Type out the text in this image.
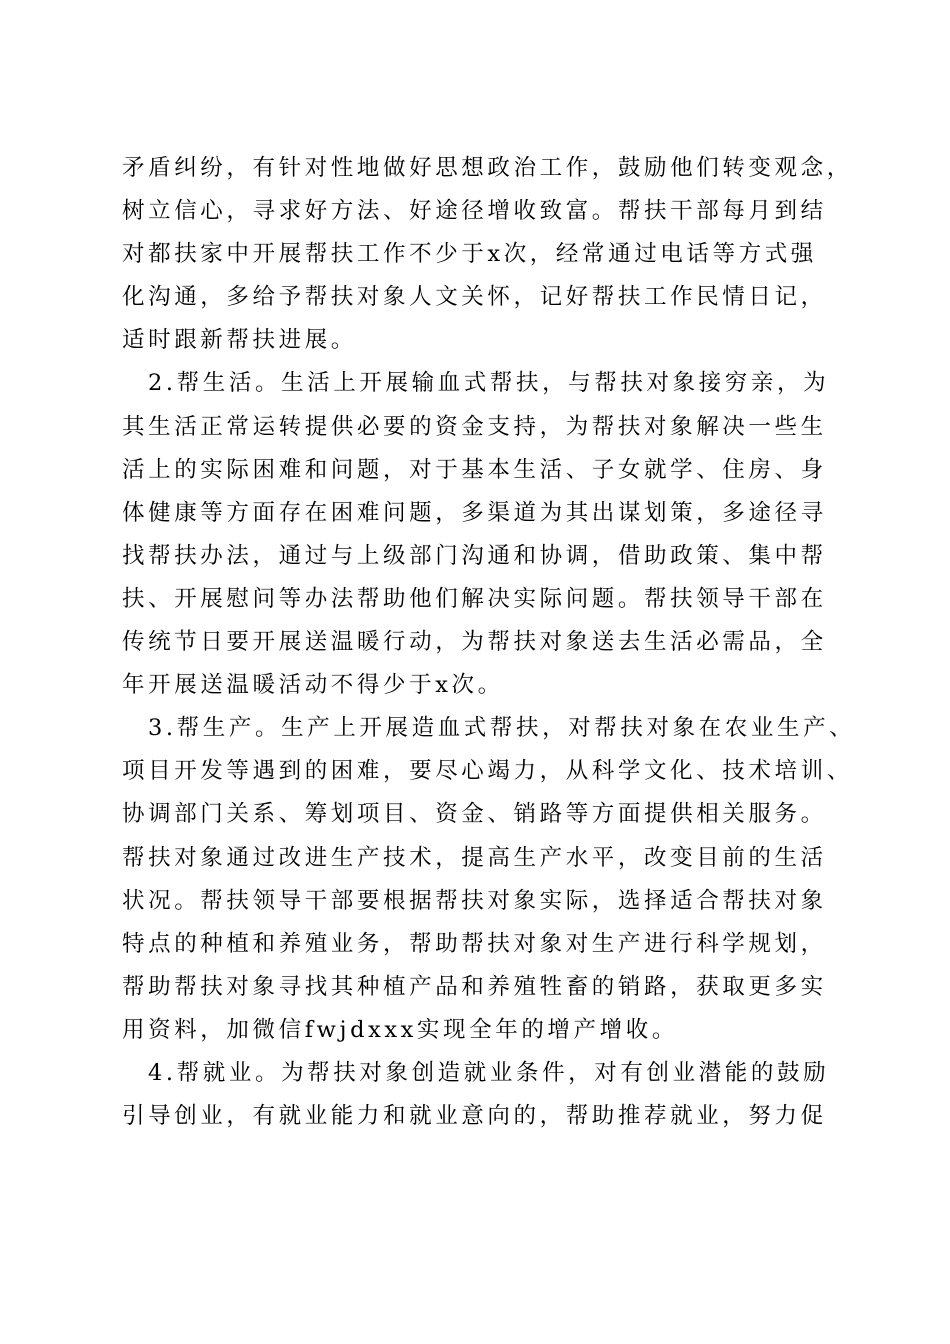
矛盾纠纷，有针对性地做好思想政治工作，鼓励他们转变观念，
树立信心，寻求好方法、好途径增收致富。帮扶干部每月到结
对都扶家中开展帮扶工作不少于x次，经常通过电话等方式强
化沟通，多给予帮扶对象人文关怀，记好帮扶工作民情日记，
适时跟新帮扶进展。
2.帮生活。生活上开展输血式帮扶，与帮扶对象接穷亲，为
其生活正常运转提供必要的资金支持，为帮扶对象解决一些生
活上的实际困难和问题，对于基本生活、子女就学、住房、身
体健康等方面存在困难问题，多渠道为其出谋划策，多途径寻
找帮扶办法，通过与上级部门沟通和协调，借助政策、集中帮
扶、开展慰问等办法帮助他们解决实际问题。帮扶领导干部在
传统节日要开展送温暖行动，为帮扶对象送去生活必需品，全
年开展送温暖活动不得少于x次。
3.帮生产。生产上开展造血式帮扶，对帮扶对象在农业生产、
项目开发等遇到的困难，要尽心竭力，从科学文化、技术培训、
协调部门关系、筹划项目、资金、销路等方面提供相关服务。
帮扶对象通过改进生产技术，提高生产水平，改变目前的生活
状况。帮扶领导干部要根据帮扶对象实际，选择适合帮扶对象
特点的种植和养殖业务，帮助帮扶对象对生产进行科学规划，
帮助帮扶对象寻找其种植产品和养殖牲畜的销路，获取更多实
用资料，加微信fwjdxxx实现全年的增产增收。
4.帮就业。为帮扶对象创造就业条件，对有创业潜能的鼓励
引导创业，有就业能力和就业意向的，帮助推荐就业，努力促
